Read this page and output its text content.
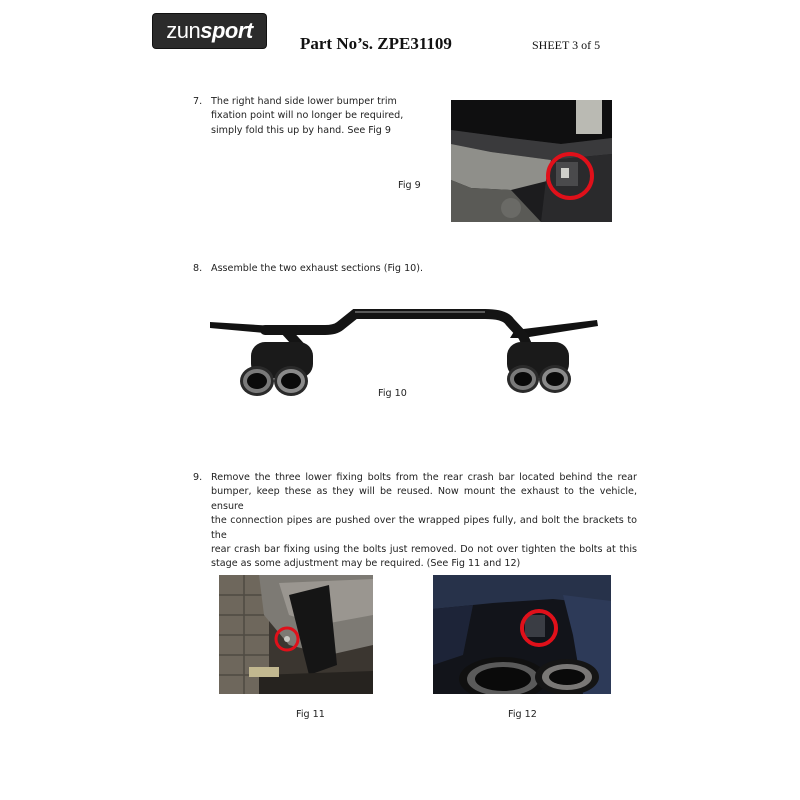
zunsport
Part No’s. ZPE31109	SHEET 3 of 5
7. The right hand side lower bumper trim
fixation point will no longer be required,
simply fold this up by hand. See Fig 9
Fig 9
8. Assemble the two exhaust sections (Fig 10).
Fig 10
9. Remove the three lower fixing bolts from the rear crash bar located behind the rear
bumper, keep these as they will be reused. Now mount the exhaust to the vehicle, ensure
the connection pipes are pushed over the wrapped pipes fully, and bolt the brackets to the
rear crash bar fixing using the bolts just removed. Do not over tighten the bolts at this
stage as some adjustment may be required. (See Fig 11 and 12)
Fig 11	Fig 12
